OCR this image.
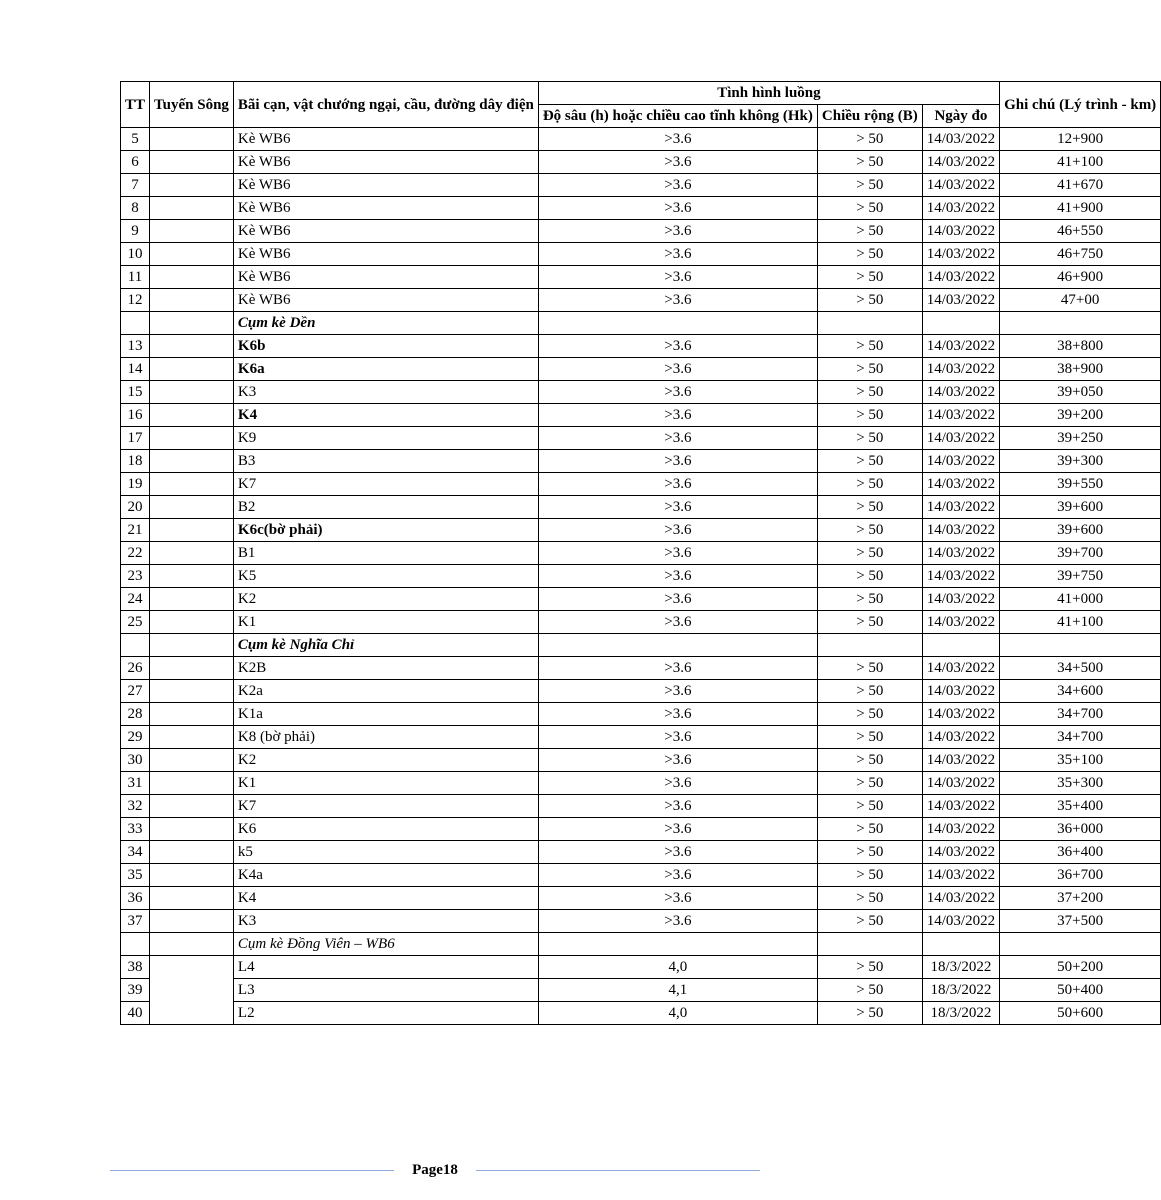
TT	Tuyến Sông	Bãi cạn, vật chướng ngại, cầu, đường dây điện	Tình hình luồng			Ghi chú (Lý trình - km)
			Độ sâu (h) hoặc chiều cao tĩnh không (Hk)	Chiều rộng (B)	Ngày đo	
5		Kè WB6	>3.6	> 50	14/03/2022	12+900
6		Kè WB6	>3.6	> 50	14/03/2022	41+100
7		Kè WB6	>3.6	> 50	14/03/2022	41+670
8		Kè WB6	>3.6	> 50	14/03/2022	41+900
9		Kè WB6	>3.6	> 50	14/03/2022	46+550
10		Kè WB6	>3.6	> 50	14/03/2022	46+750
11		Kè WB6	>3.6	> 50	14/03/2022	46+900
12		Kè WB6	>3.6	> 50	14/03/2022	47+00
		Cụm kè Dền				
13		K6b	>3.6	> 50	14/03/2022	38+800
14		K6a	>3.6	> 50	14/03/2022	38+900
15		K3	>3.6	> 50	14/03/2022	39+050
16		K4	>3.6	> 50	14/03/2022	39+200
17		K9	>3.6	> 50	14/03/2022	39+250
18		B3	>3.6	> 50	14/03/2022	39+300
19		K7	>3.6	> 50	14/03/2022	39+550
20		B2	>3.6	> 50	14/03/2022	39+600
21		K6c(bờ phải)	>3.6	> 50	14/03/2022	39+600
22		B1	>3.6	> 50	14/03/2022	39+700
23		K5	>3.6	> 50	14/03/2022	39+750
24		K2	>3.6	> 50	14/03/2022	41+000
25		K1	>3.6	> 50	14/03/2022	41+100
		Cụm kè Nghĩa Chỉ				
26		K2B	>3.6	> 50	14/03/2022	34+500
27		K2a	>3.6	> 50	14/03/2022	34+600
28		K1a	>3.6	> 50	14/03/2022	34+700
29		K8 (bờ phải)	>3.6	> 50	14/03/2022	34+700
30		K2	>3.6	> 50	14/03/2022	35+100
31		K1	>3.6	> 50	14/03/2022	35+300
32		K7	>3.6	> 50	14/03/2022	35+400
33		K6	>3.6	> 50	14/03/2022	36+000
34		k5	>3.6	> 50	14/03/2022	36+400
35		K4a	>3.6	> 50	14/03/2022	36+700
36		K4	>3.6	> 50	14/03/2022	37+200
37		K3	>3.6	> 50	14/03/2022	37+500
		Cụm kè Đồng Viên – WB6				
38		L4	4,0	> 50	18/3/2022	50+200
39		L3	4,1	> 50	18/3/2022	50+400
40		L2	4,0	> 50	18/3/2022	50+600
Page18
